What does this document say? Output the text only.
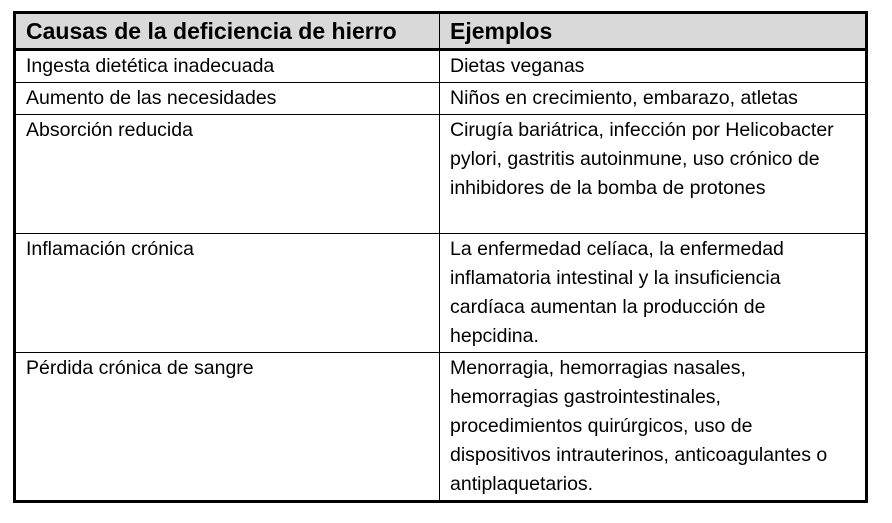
Causas de la deficiencia de hierro	Ejemplos
Ingesta dietética inadecuada	Dietas veganas
Aumento de las necesidades	Niños en crecimiento, embarazo, atletas
Absorción reducida	Cirugía bariátrica, infección por Helicobacter pylori, gastritis autoinmune, uso crónico de inhibidores de la bomba de protones
Inflamación crónica	La enfermedad celíaca, la enfermedad inflamatoria intestinal y la insuficiencia cardíaca aumentan la producción de hepcidina.
Pérdida crónica de sangre	Menorragia, hemorragias nasales, hemorragias gastrointestinales, procedimientos quirúrgicos, uso de dispositivos intrauterinos, anticoagulantes o antiplaquetarios.
